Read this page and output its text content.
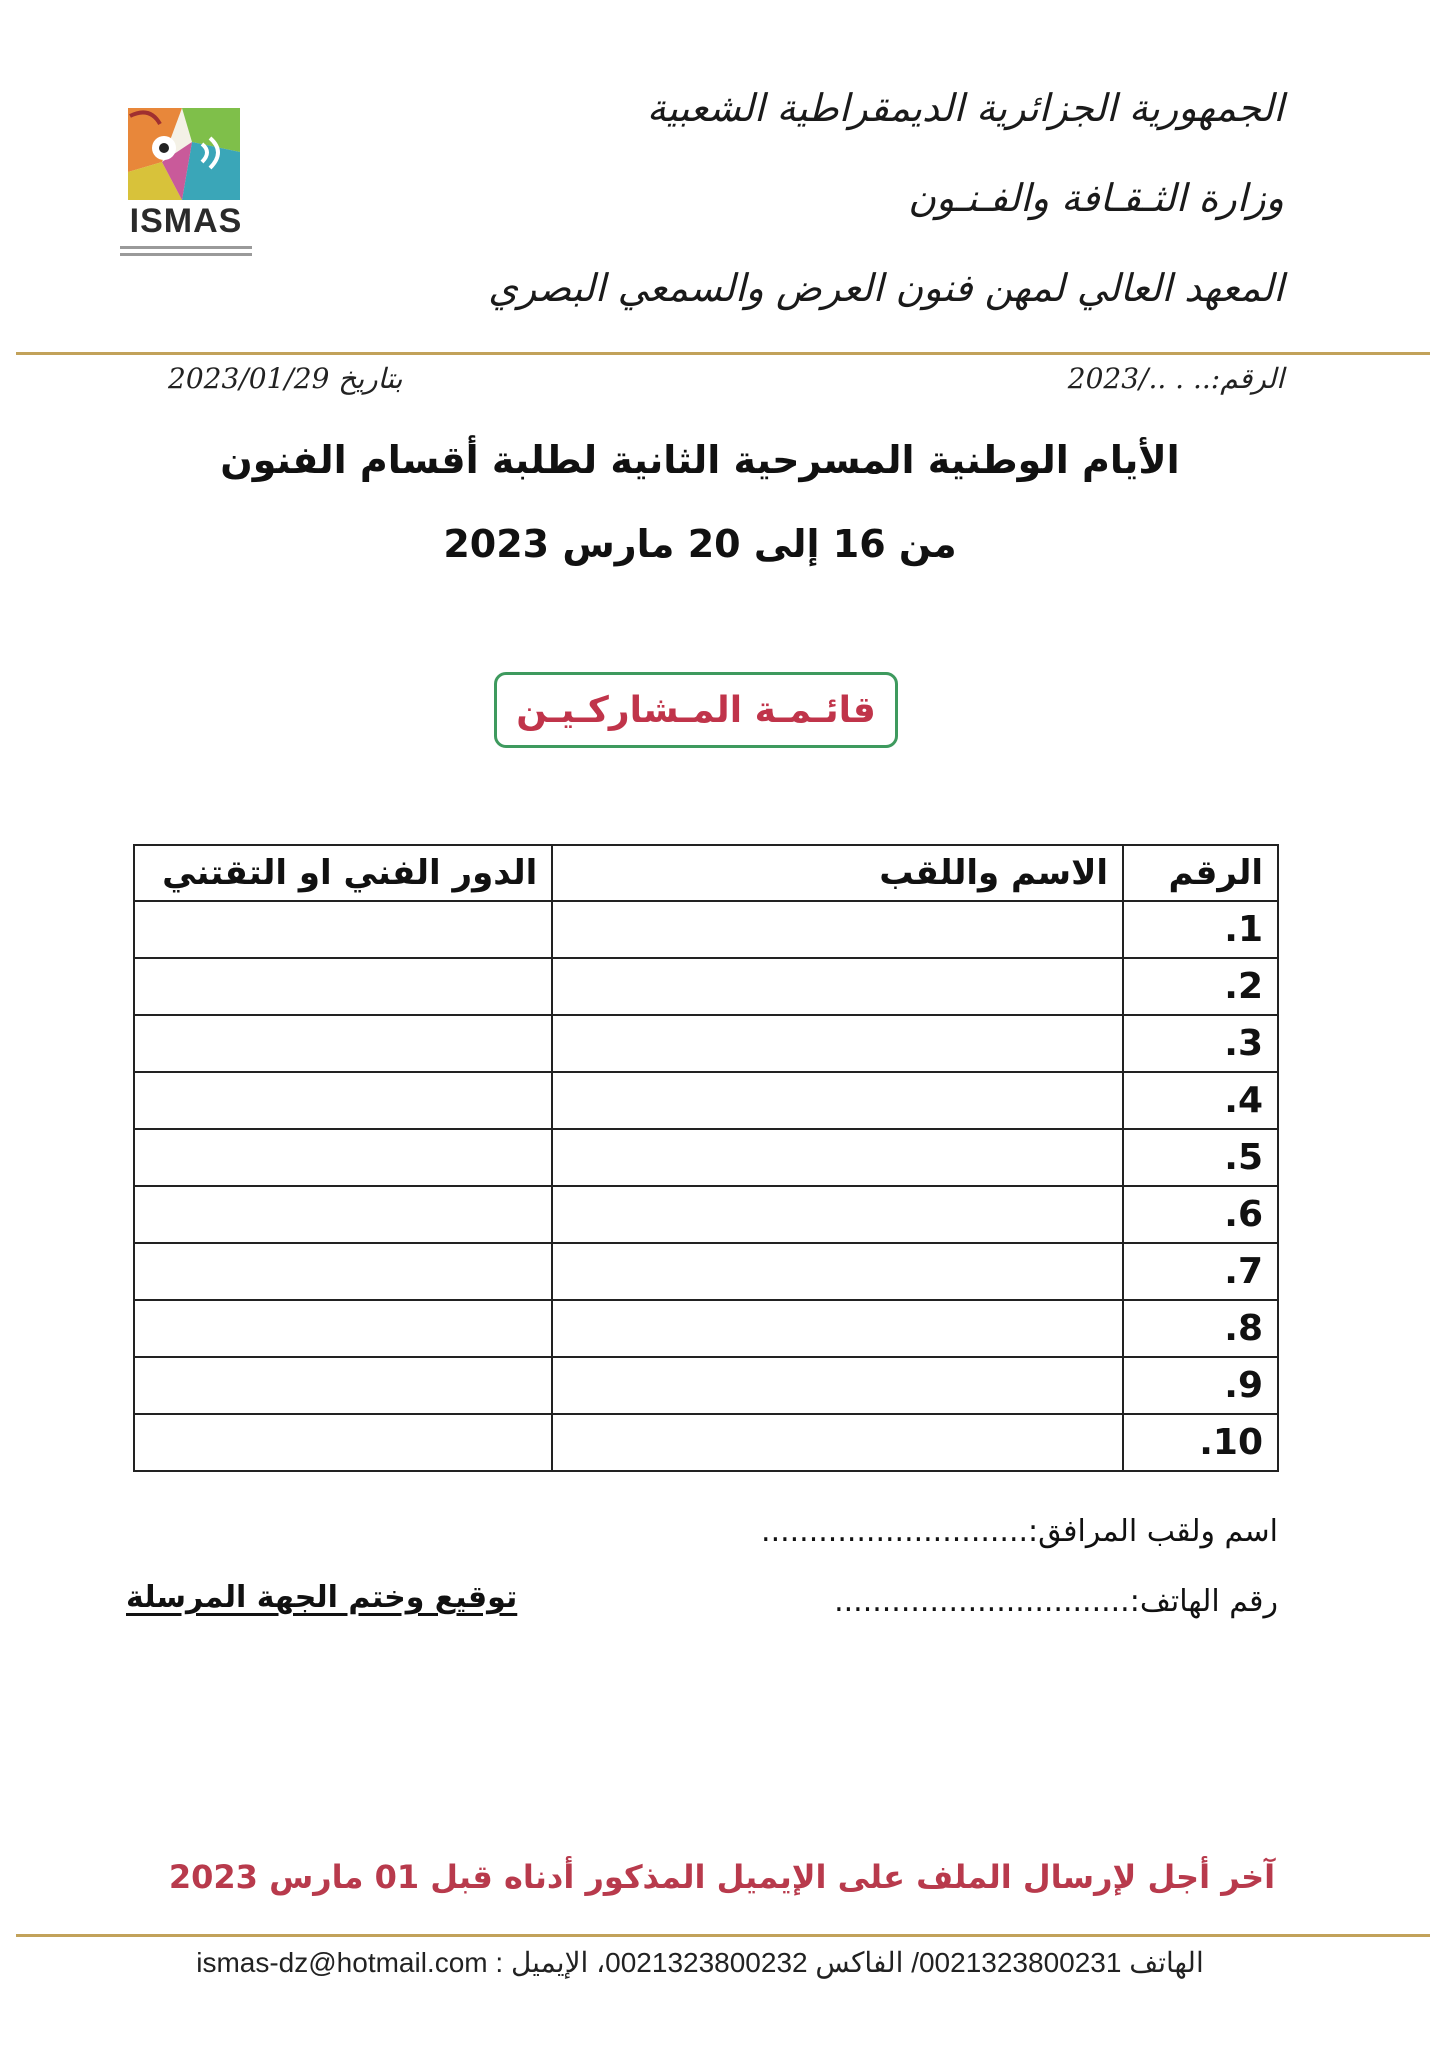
ISMAS
الجمهورية الجزائرية الديمقراطية الشعبية
وزارة الثـقـافة والفـنـون
المعهد العالي لمهن فنون العرض والسمعي البصري
الرقم:.. . ../2023
بتاريخ 2023/01/29
الأيام الوطنية المسرحية الثانية لطلبة أقسام الفنون
من 16 إلى 20 مارس 2023
قائـمـة المـشاركـيـن
الرقم	الاسم واللقب	الدور الفني او التقتني
1.		
2.		
3.		
4.		
5.		
6.		
7.		
8.		
9.		
10.		
اسم ولقب المرافق:............................
رقم الهاتف:...............................
توقيع وختم الجهة المرسلة
آخر أجل لإرسال الملف على الإيميل المذكور أدناه قبل 01 مارس 2023
الهاتف 0021323800231/ الفاكس 0021323800232، الإيميل : ismas-dz@hotmail.com
